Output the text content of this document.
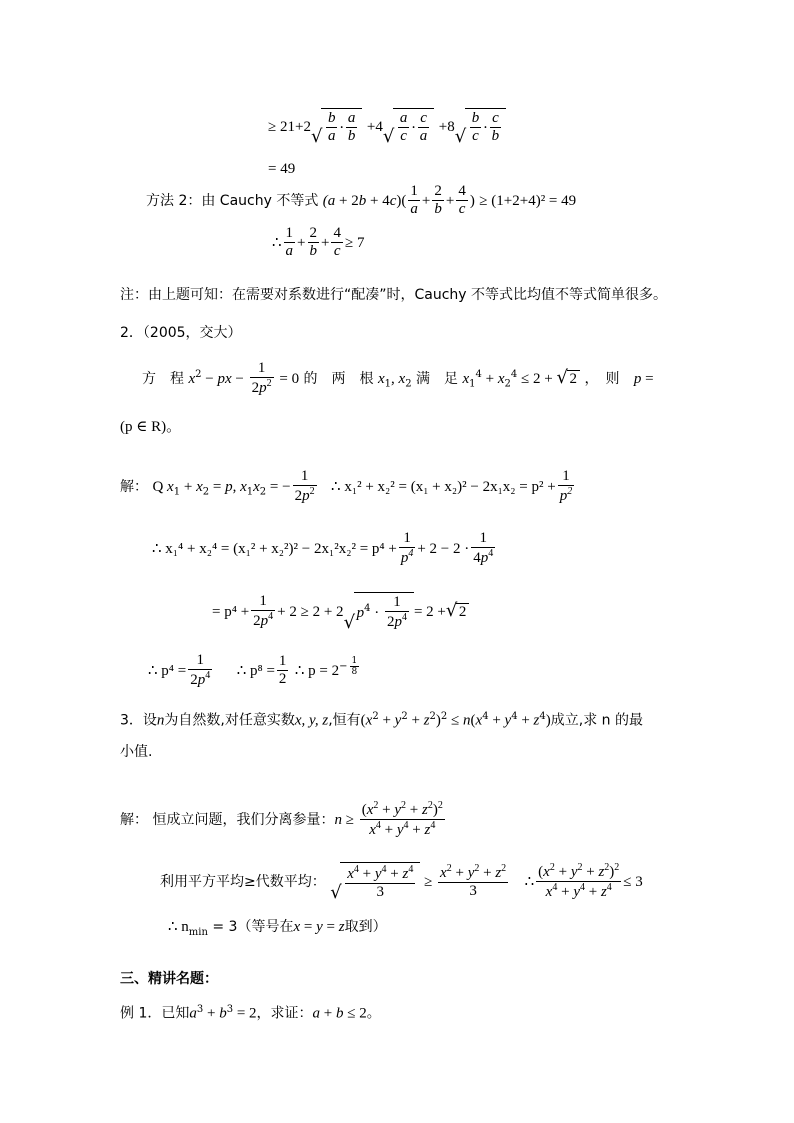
≥ 21+2 √ $\frac{b}{a} \cdot \frac{a}{b} +4$ √ $\frac{a}{c} \cdot \frac{c}{a} +8$ √ $\frac{b}{c} \cdot \frac{c}{b}$
= 49
方法 2：由 Cauchy 不等式 $(a + 2b + 4c)( \frac{1}{a} + \frac{2}{b} + \frac{4}{c}$ ) ≥ (1+2+4)² = 49
∴ $\frac{1}{a} + \frac{2}{b} + \frac{4}{c} \ge 7$
注：由上题可知：在需要对系数进行“配凑”时，Cauchy 不等式比均值不等式简单很多。
2．（2005，交大）
方　程 $x^2$ − px − $\frac{1}{2p^2} = 0$ 的　两　根 $x_1$, $x_2$ 满　足 $x_1^4 + x_2^4 \le 2$ + √ 2 ，　则 p =
(p ∈ R)。
解： Q $x_1 + x_2 = p$, $x_1x_2$ = − $\frac{1}{2p^2}$ ∴ $x_1^2 + x_2^2 = (x_1 + x_2)^2 - 2x_1x_2 = p^2 + \frac{1}{p^2}$
∴ $x_1^4 + x_2^4 = (x_1^2 + x_2^2)^2 - 2x_1^2x_2^2 = p^4 + \frac{1}{p^4} + 2 - 2 \cdot \frac{1}{4p^4}$
= $p^4 + \frac{1}{2p^4} + 2 \ge 2 + 2$ √ $p^4 \cdot \frac{1}{2p^4} = 2$ + √ 2
∴ $p^4 = \frac{1}{2p^4}$ ∴ $p^8 = \frac{1}{2}$ ∴ $p = 2^{- \frac{1}{8}}$
3．设n为自然数,对任意实数x, y, z,恒有$(x^2 + y^2 + z^2)^2 \le n(x^4 + y^4 + z^4)$成立,求 n 的最
小值.
解： 恒成立问题，我们分离参量：$n \ge \frac{(x^2 + y^2 + z^2)^2}{x^4 + y^4 + z^4}$
利用平方平均≥代数平均： √ $\frac{x^4 + y^4 + z^4}{3} \ge \frac{x^2 + y^2 + z^2}{3}$ ∴ $\frac{(x^2 + y^2 + z^2)^2}{x^4 + y^4 + z^4} \le 3$
∴ $n_{min} = 3$（等号在x = y = z取到）
三、精讲名题：
例 1．已知$a^3 + b^3 = 2$，求证：a + b ≤ 2。
